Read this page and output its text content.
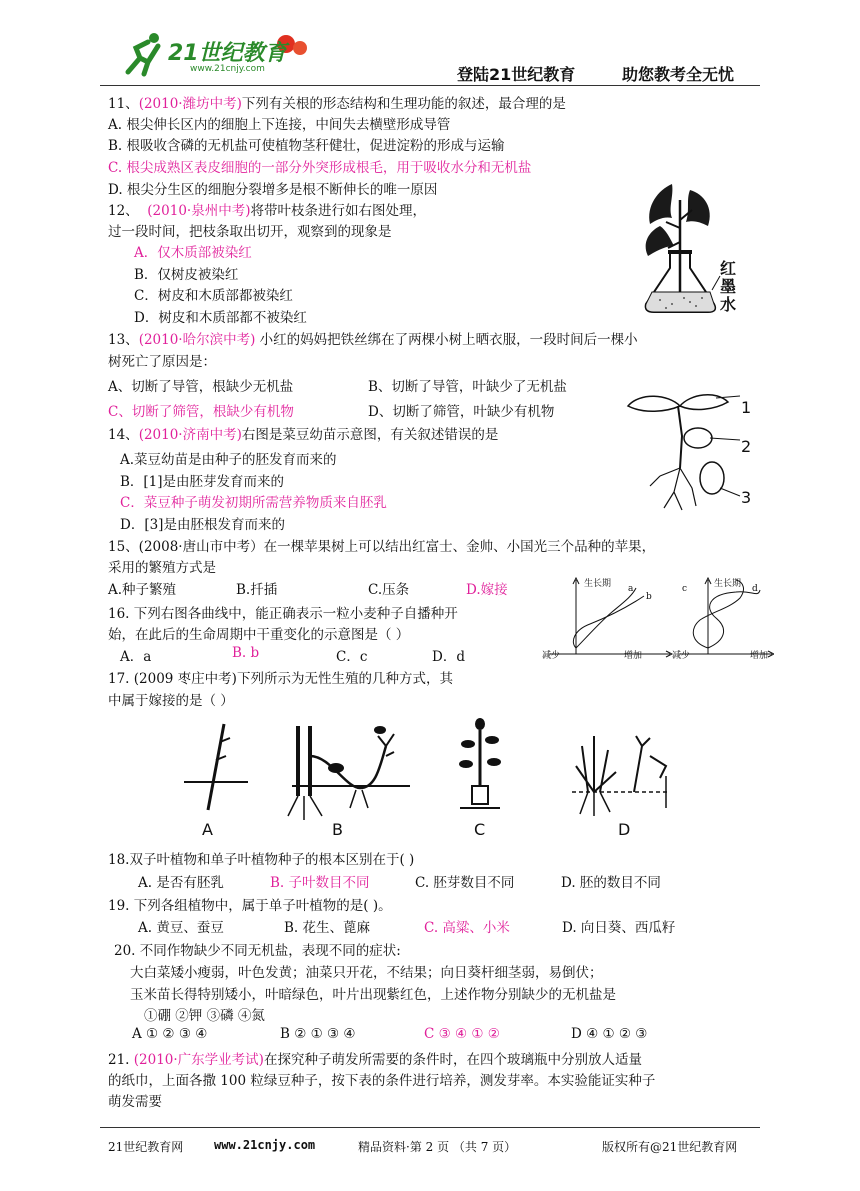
21世纪教育
www.21cnjy.com	登陆21世纪教育	助您教考全无忧
11、(2010·潍坊中考)下列有关根的形态结构和生理功能的叙述，最合理的是
A. 根尖伸长区内的细胞上下连接，中间失去横壁形成导管
B. 根吸收含磷的无机盐可使植物茎秆健壮，促进淀粉的形成与运输
C. 根尖成熟区表皮细胞的一部分外突形成根毛，用于吸收水分和无机盐
D. 根尖分生区的细胞分裂增多是根不断伸长的唯一原因
12、 (2010·泉州中考)将带叶枝条进行如右图处理，
过一段时间，把枝条取出切开，观察到的现象是
A．仅木质部被染红
B．仅树皮被染红
C．树皮和木质部都被染红
D．树皮和木质部都不被染红
红
墨
水
13、(2010·哈尔滨中考) 小红的妈妈把铁丝绑在了两棵小树上晒衣服，一段时间后一棵小
树死亡了原因是：
A、切断了导管，根缺少无机盐	B、切断了导管，叶缺少了无机盐
C、切断了筛管，根缺少有机物	D、切断了筛管，叶缺少有机物
14、(2010·济南中考)右图是菜豆幼苗示意图，有关叙述错误的是
A.菜豆幼苗是由种子的胚发育而来的
B．[1]是由胚芽发育而来的
C．菜豆种子萌发初期所需营养物质来自胚乳
D．[3]是由胚根发育而来的
1
2
3
15、(2008·唐山市中考）在一棵苹果树上可以结出红富士、金帅、小国光三个品种的苹果，
采用的繁殖方式是
A.种子繁殖	B.扦插	C.压条	D.嫁接
16. 下列右图各曲线中，能正确表示一粒小麦种子自播种开
始，在此后的生命周期中干重变化的示意图是（ ）
A．a	B. b	C．c	D．d
生长期	生长期
减少	增加	减少	增加
a
b
c	d
17. (2009 枣庄中考)下列所示为无性生殖的几种方式，其
中属于嫁接的是（ ）
A	B	C	D
18.双子叶植物和单子叶植物种子的根本区别在于( )
A. 是否有胚乳	B. 子叶数目不同	C. 胚芽数目不同	D. 胚的数目不同
19. 下列各组植物中，属于单子叶植物的是( )。
A. 黄豆、蚕豆	B. 花生、蓖麻	C. 高粱、小米	D. 向日葵、西瓜籽
20. 不同作物缺少不同无机盐，表现不同的症状:
大白菜矮小瘦弱，叶色发黄；油菜只开花，不结果；向日葵杆细茎弱，易倒伏；
玉米苗长得特别矮小，叶暗绿色，叶片出现紫红色，上述作物分别缺少的无机盐是
①硼 ②钾 ③磷 ④氮
A ① ② ③ ④	B ② ① ③ ④	C ③ ④ ① ②	D ④ ① ② ③
21. (2010·广东学业考试)在探究种子萌发所需要的条件时，在四个玻璃瓶中分别放人适量
的纸巾，上面各撒 100 粒绿豆种子，按下表的条件进行培养，测发芽率。本实验能证实种子
萌发需要
21世纪教育网	www.21cnjy.com	精品资料·第 2 页 （共 7 页）	版权所有@21世纪教育网
